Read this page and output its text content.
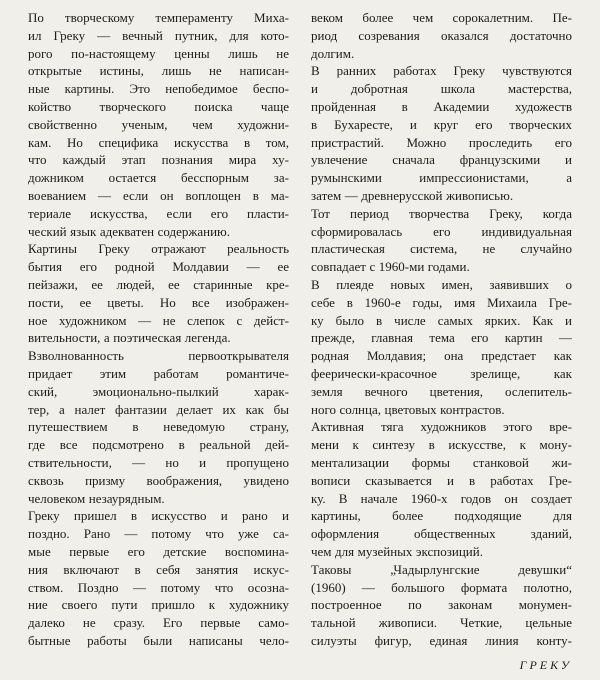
По творческому темпераменту Миха-
ил Греку — вечный путник, для кото-
рого по-настоящему ценны лишь не
открытые истины, лишь не написан-
ные картины. Это непобедимое беспо-
койство творческого поиска чаще
свойственно ученым, чем художни-
кам. Но специфика искусства в том,
что каждый этап познания мира ху-
дожником остается бесспорным за-
воеванием — если он воплощен в ма-
териале искусства, если его пласти-
ческий язык адекватен содержанию.
Картины Греку отражают реальность
бытия его родной Молдавии — ее
пейзажи, ее людей, ее старинные кре-
пости, ее цветы. Но все изображен-
ное художником — не слепок с дейст-
вительности, а поэтическая легенда.
Взволнованность первооткрывателя
придает этим работам романтиче-
ский, эмоционально-пылкий харак-
тер, а налет фантазии делает их как бы
путешествием в неведомую страну,
где все подсмотрено в реальной дей-
ствительности, — но и пропущено
сквозь призму воображения, увидено
человеком незаурядным.
Греку пришел в искусство и рано и
поздно. Рано — потому что уже са-
мые первые его детские воспомина-
ния включают в себя занятия искус-
ством. Поздно — потому что осозна-
ние своего пути пришло к художнику
далеко не сразу. Его первые само-
бытные работы были написаны чело-
веком более чем сорокалетним. Пе-
риод созревания оказался достаточно
долгим.
В ранних работах Греку чувствуются
и добротная школа мастерства,
пройденная в Академии художеств
в Бухаресте, и круг его творческих
пристрастий. Можно проследить его
увлечение сначала французскими и
румынскими импрессионистами, а
затем — древнерусской живописью.
Тот период творчества Греку, когда
сформировалась его индивидуальная
пластическая система, не случайно
совпадает с 1960-ми годами.
В плеяде новых имен, заявивших о
себе в 1960-е годы, имя Михаила Гре-
ку было в числе самых ярких. Как и
прежде, главная тема его картин —
родная Молдавия; она предстает как
феерически-красочное зрелище, как
земля вечного цветения, ослепитель-
ного солнца, цветовых контрастов.
Активная тяга художников этого вре-
мени к синтезу в искусстве, к мону-
ментализации формы станковой жи-
вописи сказывается и в работах Гре-
ку. В начале 1960-х годов он создает
картины, более подходящие для
оформления общественных зданий,
чем для музейных экспозиций.
Таковы „Чадырлунгские девушки“
(1960) — большого формата полотно,
построенное по законам монумен-
тальной живописи. Четкие, цельные
силуэты фигур, единая линия конту-
ГРЕКУ
